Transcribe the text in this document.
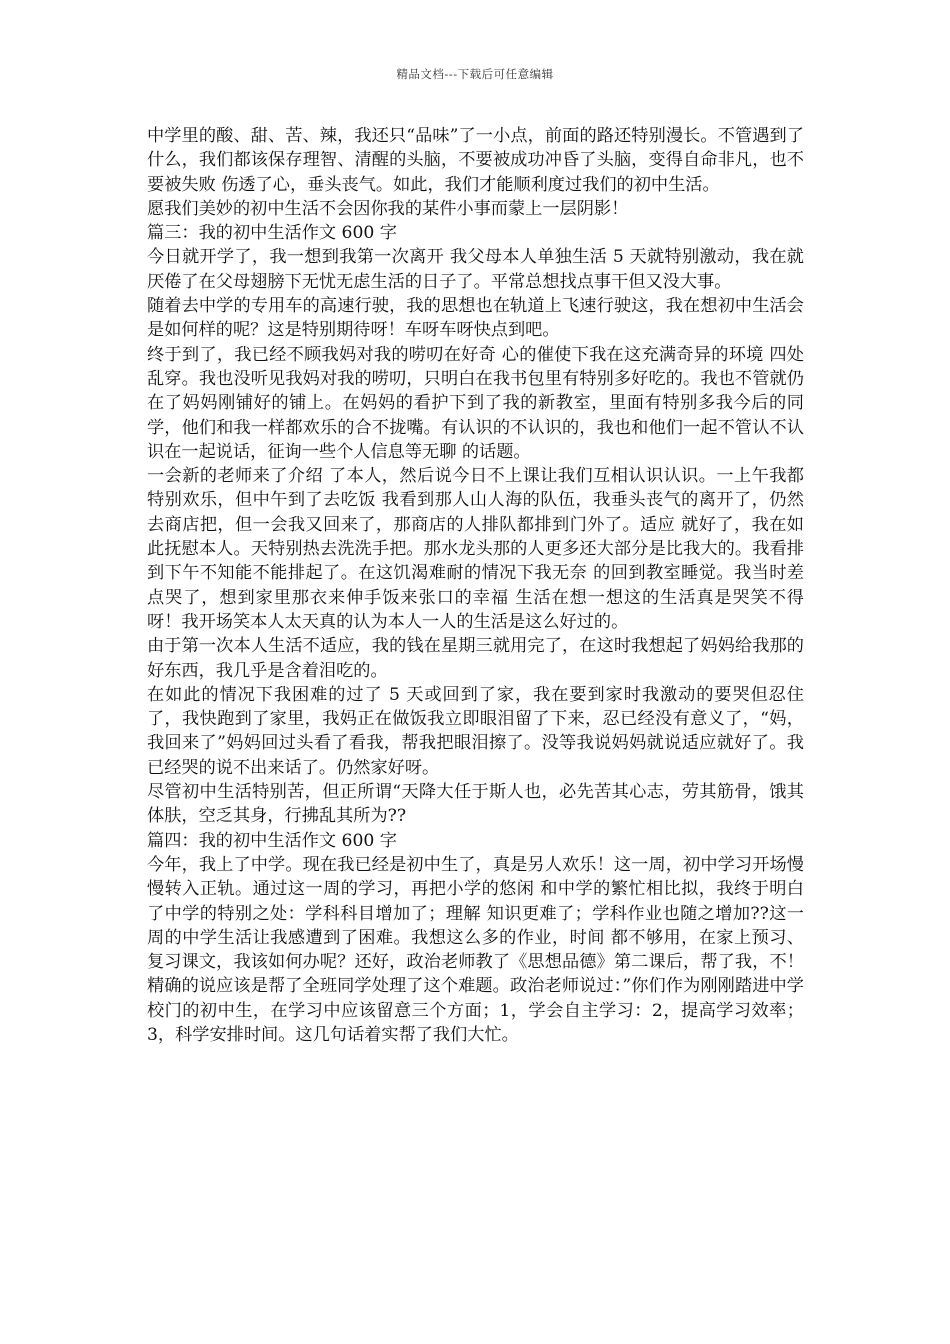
精品文档---下载后可任意编辑

中学里的酸、甜、苦、辣，我还只“品味”了一小点，前面的路还特别漫长。不管遇到了什么，我们都该保存理智、清醒的头脑，不要被成功冲昏了头脑，变得自命非凡，也不要被失败 伤透了心，垂头丧气。如此，我们才能顺利度过我们的初中生活。

愿我们美妙的初中生活不会因你我的某件小事而蒙上一层阴影！

篇三：我的初中生活作文 600 字

今日就开学了，我一想到我第一次离开 我父母本人单独生活 5 天就特别激动，我在就厌倦了在父母翅膀下无忧无虑生活的日子了。平常总想找点事干但又没大事。

随着去中学的专用车的高速行驶，我的思想也在轨道上飞速行驶这，我在想初中生活会是如何样的呢？这是特别期待呀！车呀车呀快点到吧。

终于到了，我已经不顾我妈对我的唠叨在好奇 心的催使下我在这充满奇异的环境 四处乱穿。我也没听见我妈对我的唠叨，只明白在我书包里有特别多好吃的。我也不管就仍在了妈妈刚铺好的铺上。在妈妈的看护下到了我的新教室，里面有特别多我今后的同学，他们和我一样都欢乐的合不拢嘴。有认识的不认识的，我也和他们一起不管认不认识在一起说话，征询一些个人信息等无聊 的话题。

一会新的老师来了介绍 了本人，然后说今日不上课让我们互相认识认识。一上午我都特别欢乐，但中午到了去吃饭 我看到那人山人海的队伍，我垂头丧气的离开了，仍然去商店把，但一会我又回来了，那商店的人排队都排到门外了。适应 就好了，我在如此抚慰本人。天特别热去洗洗手把。那水龙头那的人更多还大部分是比我大的。我看排到下午不知能不能排起了。在这饥渴难耐的情况下我无奈 的回到教室睡觉。我当时差点哭了，想到家里那衣来伸手饭来张口的幸福 生活在想一想这的生活真是哭笑不得呀！我开场笑本人太天真的认为本人一人的生活是这么好过的。

由于第一次本人生活不适应，我的钱在星期三就用完了，在这时我想起了妈妈给我那的好东西，我几乎是含着泪吃的。

在如此的情况下我困难的过了 5 天或回到了家，我在要到家时我激动的要哭但忍住了，我快跑到了家里，我妈正在做饭我立即眼泪留了下来，忍已经没有意义了，“妈，我回来了”妈妈回过头看了看我，帮我把眼泪擦了。没等我说妈妈就说适应就好了。我已经哭的说不出来话了。仍然家好呀。

尽管初中生活特别苦，但正所谓“天降大任于斯人也，必先苦其心志，劳其筋骨，饿其体肤，空乏其身，行拂乱其所为??

篇四：我的初中生活作文 600 字

今年，我上了中学。现在我已经是初中生了，真是另人欢乐！这一周，初中学习开场慢慢转入正轨。通过这一周的学习，再把小学的悠闲 和中学的繁忙相比拟，我终于明白了中学的特别之处：学科科目增加了；理解 知识更难了；学科作业也随之增加??这一周的中学生活让我感遭到了困难。我想这么多的作业，时间 都不够用，在家上预习、复习课文，我该如何办呢？还好，政治老师教了《思想品德》第二课后，帮了我，不！精确的说应该是帮了全班同学处理了这个难题。政治老师说过：”你们作为刚刚踏进中学校门的初中生，在学习中应该留意三个方面；1，学会自主学习：2，提高学习效率；3，科学安排时间。这几句话着实帮了我们大忙。
